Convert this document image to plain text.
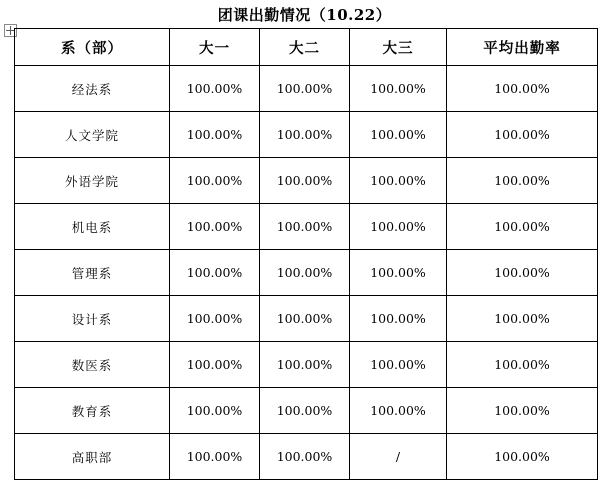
团课出勤情况（10.22）
系（部）	大一	大二	大三	平均出勤率
经法系	100.00%	100.00%	100.00%	100.00%
人文学院	100.00%	100.00%	100.00%	100.00%
外语学院	100.00%	100.00%	100.00%	100.00%
机电系	100.00%	100.00%	100.00%	100.00%
管理系	100.00%	100.00%	100.00%	100.00%
设计系	100.00%	100.00%	100.00%	100.00%
数医系	100.00%	100.00%	100.00%	100.00%
教育系	100.00%	100.00%	100.00%	100.00%
高职部	100.00%	100.00%	/	100.00%
